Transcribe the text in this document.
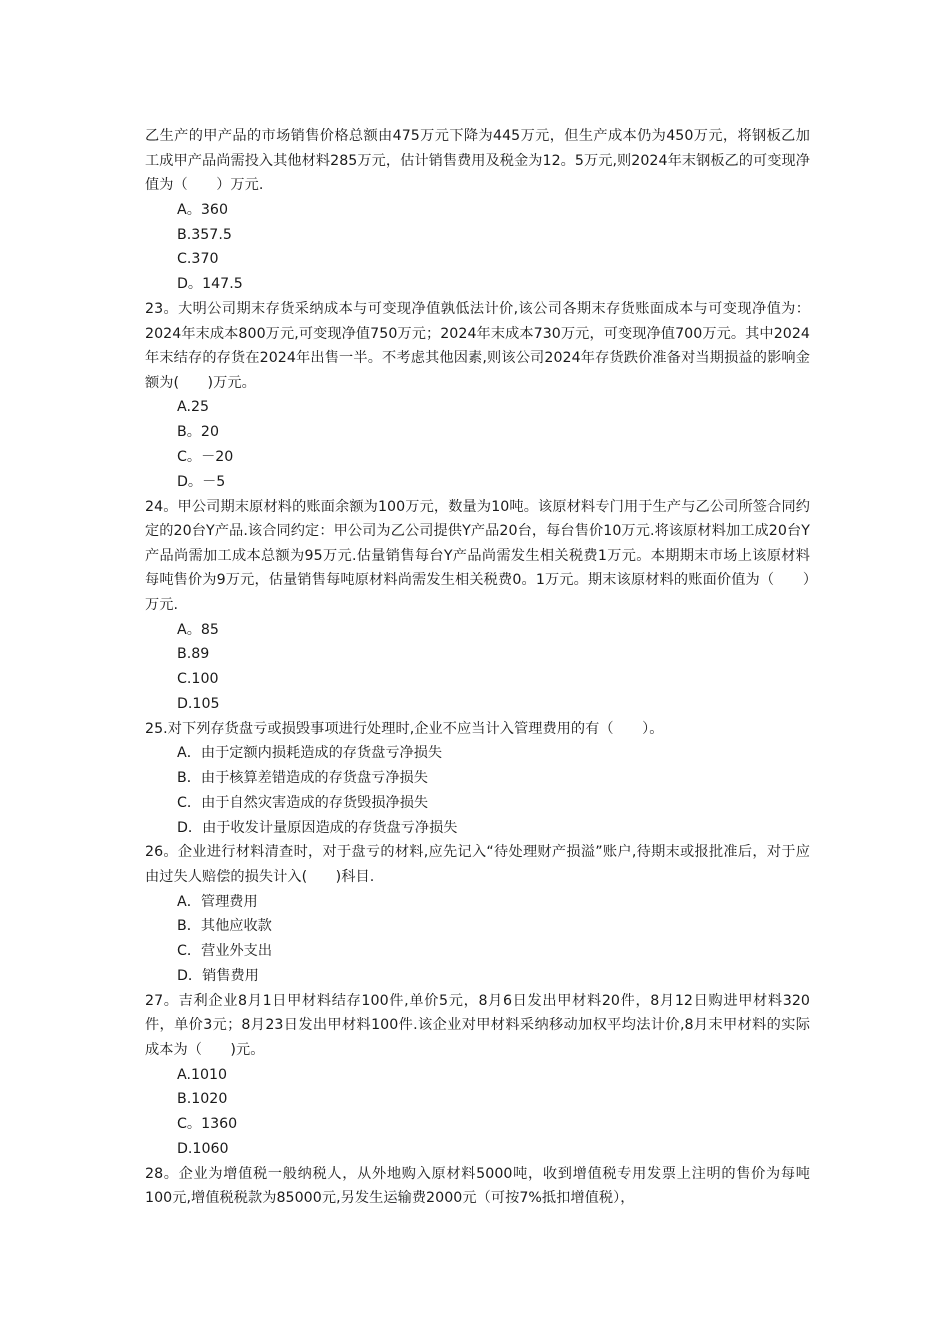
乙生产的甲产品的市场销售价格总额由475万元下降为445万元，但生产成本仍为450万元，将钢板乙加工成甲产品尚需投入其他材料285万元，估计销售费用及税金为12。5万元,则2024年末钢板乙的可变现净值为（　　）万元.

A。360

B.357.5

C.370

D。147.5

23。大明公司期末存货采纳成本与可变现净值孰低法计价,该公司各期末存货账面成本与可变现净值为：2024年末成本800万元,可变现净值750万元；2024年末成本730万元，可变现净值700万元。其中2024年末结存的存货在2024年出售一半。不考虑其他因素,则该公司2024年存货跌价准备对当期损益的影响金额为(　　)万元。

A.25

B。20

C。－20

D。－5

24。甲公司期末原材料的账面余额为100万元，数量为10吨。该原材料专门用于生产与乙公司所签合同约定的20台Y产品.该合同约定：甲公司为乙公司提供Y产品20台，每台售价10万元.将该原材料加工成20台Y产品尚需加工成本总额为95万元.估量销售每台Y产品尚需发生相关税费1万元。本期期末市场上该原材料每吨售价为9万元，估量销售每吨原材料尚需发生相关税费0。1万元。期末该原材料的账面价值为（　　）万元.

A。85

B.89

C.100

D.105

25.对下列存货盘亏或损毁事项进行处理时,企业不应当计入管理费用的有（　　）。

A．由于定额内损耗造成的存货盘亏净损失

B．由于核算差错造成的存货盘亏净损失

C．由于自然灾害造成的存货毁损净损失

D．由于收发计量原因造成的存货盘亏净损失

26。企业进行材料清查时，对于盘亏的材料,应先记入“待处理财产损溢”账户,待期末或报批准后，对于应由过失人赔偿的损失计入(　　)科目.

A．管理费用

B．其他应收款

C．营业外支出

D．销售费用

27。吉利企业8月1日甲材料结存100件,单价5元，8月6日发出甲材料20件，8月12日购进甲材料320件，单价3元；8月23日发出甲材料100件.该企业对甲材料采纳移动加权平均法计价,8月末甲材料的实际成本为（　　)元。

A.1010

B.1020

C。1360

D.1060

28。企业为增值税一般纳税人，从外地购入原材料5000吨，收到增值税专用发票上注明的售价为每吨100元,增值税税款为85000元,另发生运输费2000元（可按7%抵扣增值税），
